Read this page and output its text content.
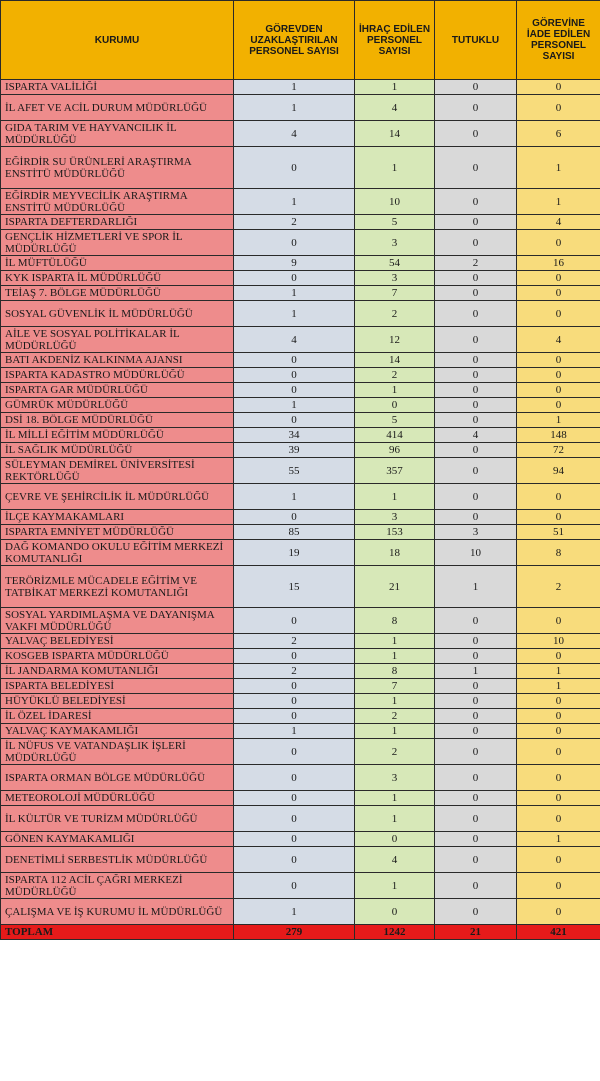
KURUMU	GÖREVDEN UZAKLAŞTIRILAN PERSONEL SAYISI	İHRAÇ EDİLEN PERSONEL SAYISI	TUTUKLU	GÖREVİNE İADE EDİLEN PERSONEL SAYISI
ISPARTA VALİLİĞİ	1	1	0	0
İL AFET VE ACİL DURUM MÜDÜRLÜĞÜ	1	4	0	0
GIDA TARIM VE HAYVANCILIK İL MÜDÜRLÜĞÜ	4	14	0	6
EĞİRDİR SU ÜRÜNLERİ ARAŞTIRMA ENSTİTÜ MÜDÜRLÜĞÜ	0	1	0	1
EĞİRDİR MEYVECİLİK ARAŞTIRMA ENSTİTÜ MÜDÜRLÜĞÜ	1	10	0	1
ISPARTA DEFTERDARLIĞI	2	5	0	4
GENÇLİK HİZMETLERİ VE SPOR İL MÜDÜRLÜĞÜ	0	3	0	0
İL MÜFTÜLÜĞÜ	9	54	2	16
KYK ISPARTA İL MÜDÜRLÜĞÜ	0	3	0	0
TEİAŞ 7. BÖLGE MÜDÜRLÜĞÜ	1	7	0	0
SOSYAL GÜVENLİK İL MÜDÜRLÜĞÜ	1	2	0	0
AİLE VE SOSYAL POLİTİKALAR İL MÜDÜRLÜĞÜ	4	12	0	4
BATI AKDENİZ KALKINMA AJANSI	0	14	0	0
ISPARTA KADASTRO MÜDÜRLÜĞÜ	0	2	0	0
ISPARTA GAR MÜDÜRLÜĞÜ	0	1	0	0
GÜMRÜK MÜDÜRLÜĞÜ	1	0	0	0
DSİ 18. BÖLGE MÜDÜRLÜĞÜ	0	5	0	1
İL MİLLİ EĞİTİM MÜDÜRLÜĞÜ	34	414	4	148
İL SAĞLIK MÜDÜRLÜĞÜ	39	96	0	72
SÜLEYMAN DEMİREL ÜNİVERSİTESİ REKTÖRLÜĞÜ	55	357	0	94
ÇEVRE VE ŞEHİRCİLİK İL MÜDÜRLÜĞÜ	1	1	0	0
İLÇE KAYMAKAMLARI	0	3	0	0
ISPARTA EMNİYET MÜDÜRLÜĞÜ	85	153	3	51
DAĞ KOMANDO OKULU EĞİTİM MERKEZİ KOMUTANLIĞI	19	18	10	8
TERÖRİZMLE MÜCADELE EĞİTİM VE TATBİKAT MERKEZİ KOMUTANLIĞI	15	21	1	2
SOSYAL YARDIMLAŞMA VE DAYANIŞMA VAKFI MÜDÜRLÜĞÜ	0	8	0	0
YALVAÇ BELEDİYESİ	2	1	0	10
KOSGEB ISPARTA MÜDÜRLÜĞÜ	0	1	0	0
İL JANDARMA KOMUTANLIĞI	2	8	1	1
ISPARTA BELEDİYESİ	0	7	0	1
HÜYÜKLÜ BELEDİYESİ	0	1	0	0
İL ÖZEL İDARESİ	0	2	0	0
YALVAÇ KAYMAKAMLIĞI	1	1	0	0
İL NÜFUS VE VATANDAŞLIK İŞLERİ MÜDÜRLÜĞÜ	0	2	0	0
ISPARTA ORMAN BÖLGE MÜDÜRLÜĞÜ	0	3	0	0
METEOROLOJİ MÜDÜRLÜĞÜ	0	1	0	0
İL KÜLTÜR VE TURİZM MÜDÜRLÜĞÜ	0	1	0	0
GÖNEN KAYMAKAMLIĞI	0	0	0	1
DENETİMLİ SERBESTLİK MÜDÜRLÜĞÜ	0	4	0	0
ISPARTA 112 ACİL ÇAĞRI MERKEZİ MÜDÜRLÜĞÜ	0	1	0	0
ÇALIŞMA VE İŞ KURUMU İL MÜDÜRLÜĞÜ	1	0	0	0
TOPLAM	279	1242	21	421
